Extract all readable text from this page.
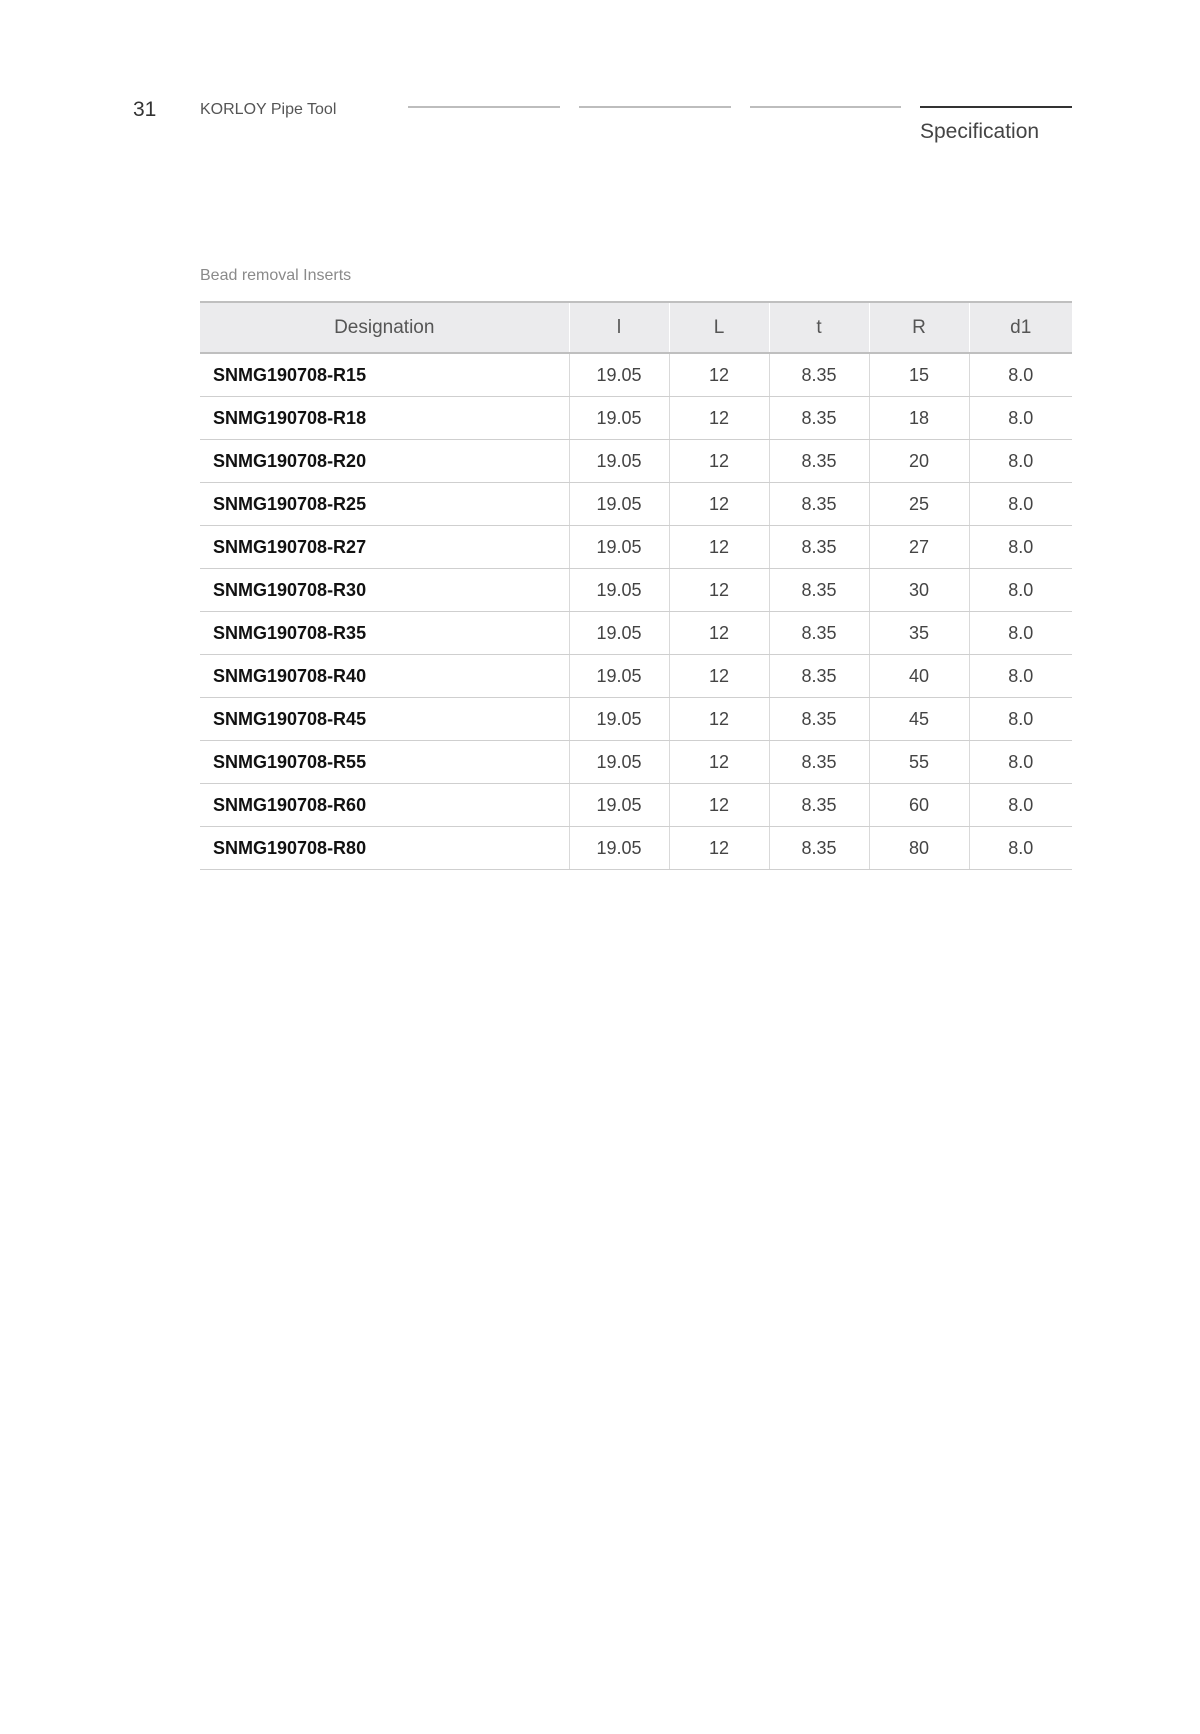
31	KORLOY Pipe Tool
Specification
Bead removal Inserts
Designation	l	L	t	R	d1
SNMG190708-R15	19.05	12	8.35	15	8.0
SNMG190708-R18	19.05	12	8.35	18	8.0
SNMG190708-R20	19.05	12	8.35	20	8.0
SNMG190708-R25	19.05	12	8.35	25	8.0
SNMG190708-R27	19.05	12	8.35	27	8.0
SNMG190708-R30	19.05	12	8.35	30	8.0
SNMG190708-R35	19.05	12	8.35	35	8.0
SNMG190708-R40	19.05	12	8.35	40	8.0
SNMG190708-R45	19.05	12	8.35	45	8.0
SNMG190708-R55	19.05	12	8.35	55	8.0
SNMG190708-R60	19.05	12	8.35	60	8.0
SNMG190708-R80	19.05	12	8.35	80	8.0
